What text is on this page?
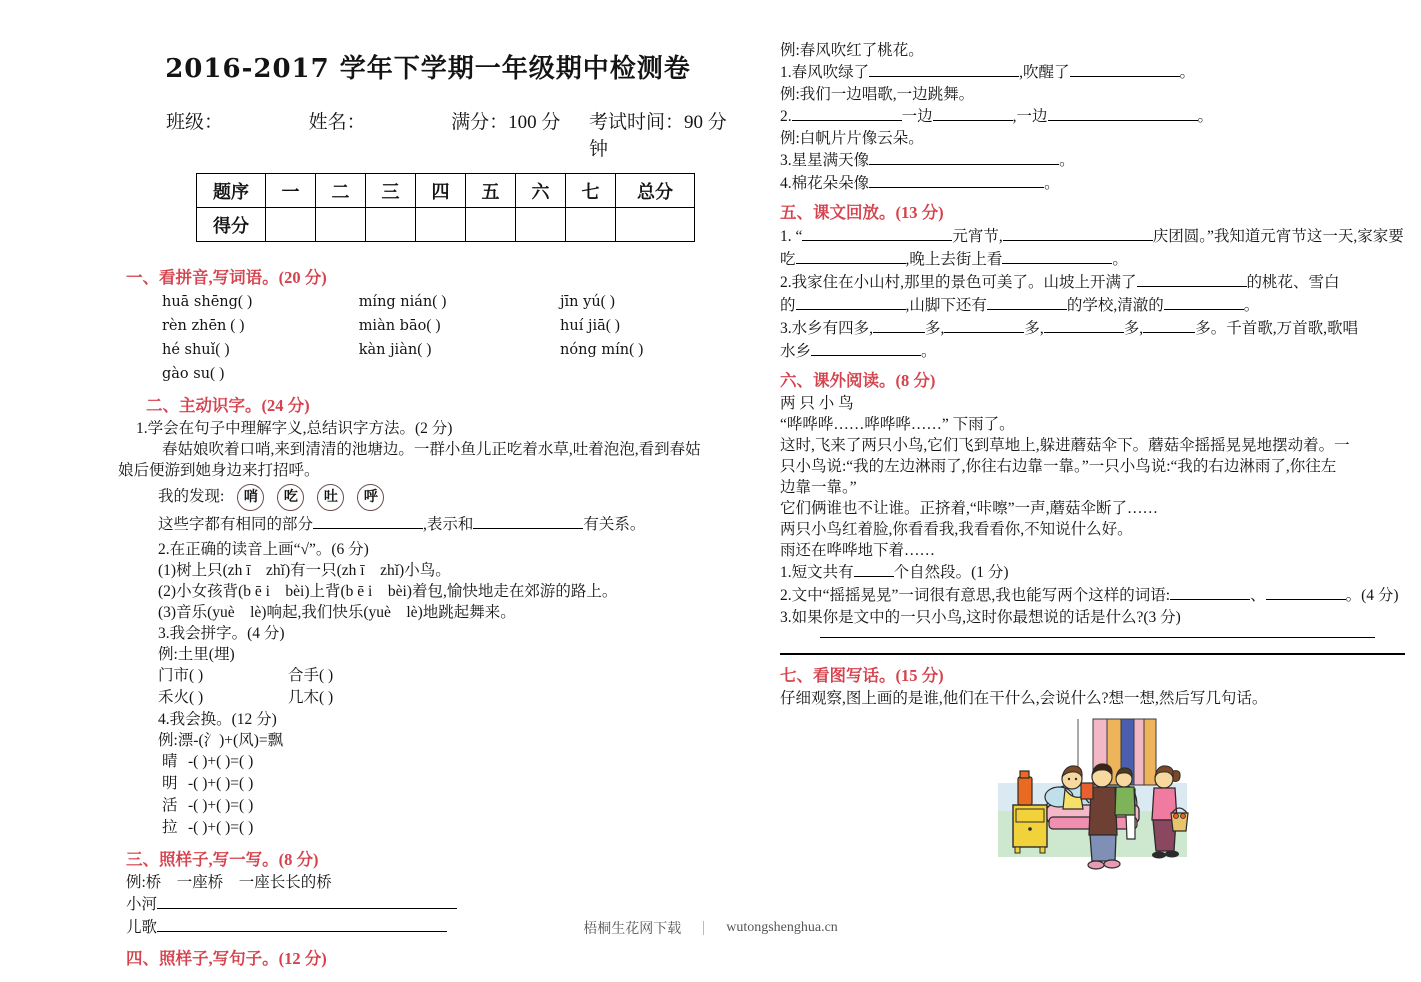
2016-2017 学年下学期一年级期中检测卷
班级：	姓名：	满分：100 分	考试时间：90 分钟
题序	一	二	三	四	五	六	七	总分
得分								
一、看拼音,写词语。(20 分)
huā shēng( )	míng nián( )	jīn yú( )
rèn zhēn ( )	miàn bāo( )	huí jiā( )
hé shuǐ( )	kàn jiàn( )	nóng mín( )
gào su( )
二、主动识字。(24 分)
1.学会在句子中理解字义,总结识字方法。(2 分)
春姑娘吹着口哨,来到清清的池塘边。一群小鱼儿正吃着水草,吐着泡泡,看到春姑
娘后便游到她身边来打招呼。
我的发现:	哨	吃	吐	呼
这些字都有相同的部分	,表示和	有关系。
2.在正确的读音上画“√”。(6 分)
(1)树上只(zh ī    zhǐ)有一只(zh ī    zhǐ)小鸟。
(2)小女孩背(b ē i    bèi)上背(b ē i    bèi)着包,愉快地走在郊游的路上。
(3)音乐(yuè    lè)响起,我们快乐(yuè    lè)地跳起舞来。
3.我会拼字。(4 分)
例:土里(埋)
门市( )	合手( )
禾火( )	几木( )
4.我会换。(12 分)
例:漂-(氵)+(风)=飘
晴 -( )+( )=( )
明 -( )+( )=( )
活 -( )+( )=( )
拉 -( )+( )=( )
三、照样子,写一写。(8 分)
例:桥    一座桥    一座长长的桥
小河
儿歌
四、照样子,写句子。(12 分)
例:春风吹红了桃花。
1.春风吹绿了	,吹醒了	。
例:我们一边唱歌,一边跳舞。
2.	一边	,一边	。
例:白帆片片像云朵。
3.星星满天像	。
4.棉花朵朵像	。
五、课文回放。(13 分)
1. “	元宵节,	庆团圆。”我知道元宵节这一天,家家要
吃	,晚上去街上看	。
2.我家住在小山村,那里的景色可美了。山坡上开满了	的桃花、雪白
的	,山脚下还有	的学校,清澈的	。
3.水乡有四多,	多,	多,	多,	多。千首歌,万首歌,歌唱
水乡	。
六、课外阅读。(8 分)
两 只 小 鸟
“哗哗哗……哗哗哗……” 下雨了。
这时,飞来了两只小鸟,它们飞到草地上,躲进蘑菇伞下。蘑菇伞摇摇晃晃地摆动着。一
只小鸟说:“我的左边淋雨了,你往右边靠一靠。”一只小鸟说:“我的右边淋雨了,你往左
边靠一靠。”
它们俩谁也不让谁。正挤着,“咔嚓”一声,蘑菇伞断了……
两只小鸟红着脸,你看看我,我看看你,不知说什么好。
雨还在哗哗地下着……
1.短文共有	个自然段。(1 分)
2.文中“摇摇晃晃”一词很有意思,我也能写两个这样的词语:	、	。(4 分)
3.如果你是文中的一只小鸟,这时你最想说的话是什么?(3 分)
七、看图写话。(15 分)
仔细观察,图上画的是谁,他们在干什么,会说什么?想一想,然后写几句话。
梧桐生花网下载	wutongshenghua.cn
